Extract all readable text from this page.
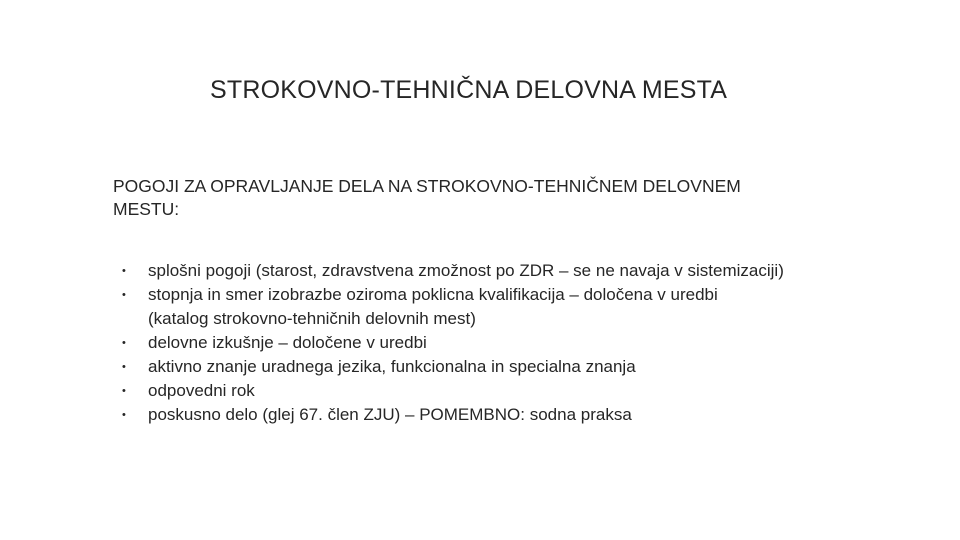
STROKOVNO-TEHNIČNA DELOVNA MESTA
POGOJI ZA OPRAVLJANJE DELA NA STROKOVNO-TEHNIČNEM DELOVNEM
MESTU:
• splošni pogoji (starost, zdravstvena zmožnost po ZDR – se ne navaja v sistemizaciji)
• stopnja in smer izobrazbe oziroma poklicna kvalifikacija – določena v uredbi
(katalog strokovno-tehničnih delovnih mest)
• delovne izkušnje – določene v uredbi
• aktivno znanje uradnega jezika, funkcionalna in specialna znanja
• odpovedni rok
• poskusno delo (glej 67. člen ZJU) – POMEMBNO: sodna praksa
